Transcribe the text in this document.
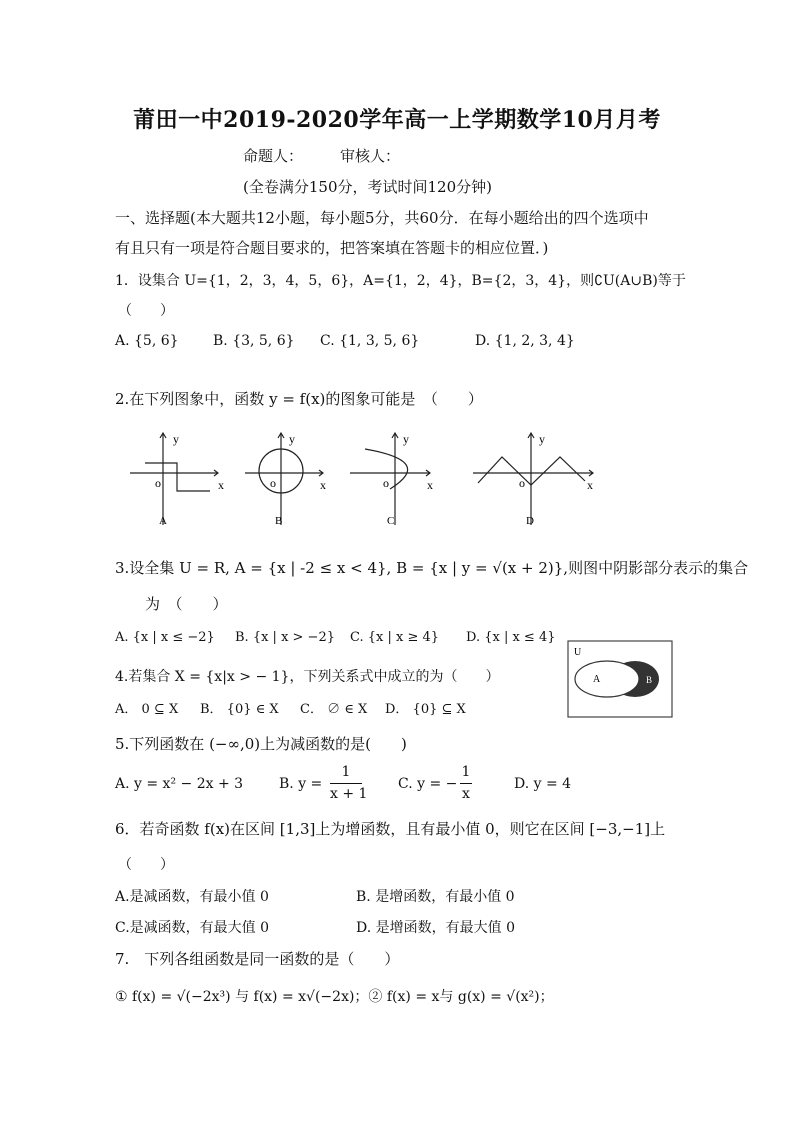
莆田一中2019-2020学年高一上学期数学10月月考
命题人： 审核人：
(全卷满分150分，考试时间120分钟)
一、选择题(本大题共12小题，每小题5分，共60分．在每小题给出的四个选项中
有且只有一项是符合题目要求的，把答案填在答题卡的相应位置．)
1．设集合 U={1，2，3，4，5，6}，A={1，2，4}，B={2，3，4}，则∁U(A∪B)等于
（　　）
A. {5, 6} B. {3, 5, 6} C. {1, 3, 5, 6}	D. {1, 2, 3, 4}
2.在下列图象中，函数 y = f(x)的图象可能是　（　　）
y
x
o
A
y
x
o
B
y
x
o
C
y
x
o
D
3.设全集 U = R, A = {x | -2 ≤ x < 4}, B = {x | y = √(x + 2)},则图中阴影部分表示的集合
为　（　　）
A. {x | x ≤ −2} B. {x | x > −2} C. {x | x ≥ 4} D. {x | x ≤ 4}
U
A	B
4.若集合 X = {x|x > − 1}，下列关系式中成立的为（　　）
A． 0 ⊆ X B． {0} ∈ X C． ∅ ∈ X D． {0} ⊆ X
5.下列函数在 (−∞,0)上为减函数的是(　　)
A. y = x² − 2x + 3	B. y =
1
x + 1
C. y = −
1
x
D. y = 4
6．若奇函数 f(x)在区间 [1,3]上为增函数，且有最小值 0，则它在区间 [−3,−1]上
（　　）
A.是减函数，有最小值 0	B. 是增函数，有最小值 0
C.是减函数，有最大值 0	D. 是增函数，有最大值 0
7.　下列各组函数是同一函数的是（　　）
① f(x) = √(−2x³) 与 f(x) = x√(−2x)；② f(x) = x与 g(x) = √(x²)；
